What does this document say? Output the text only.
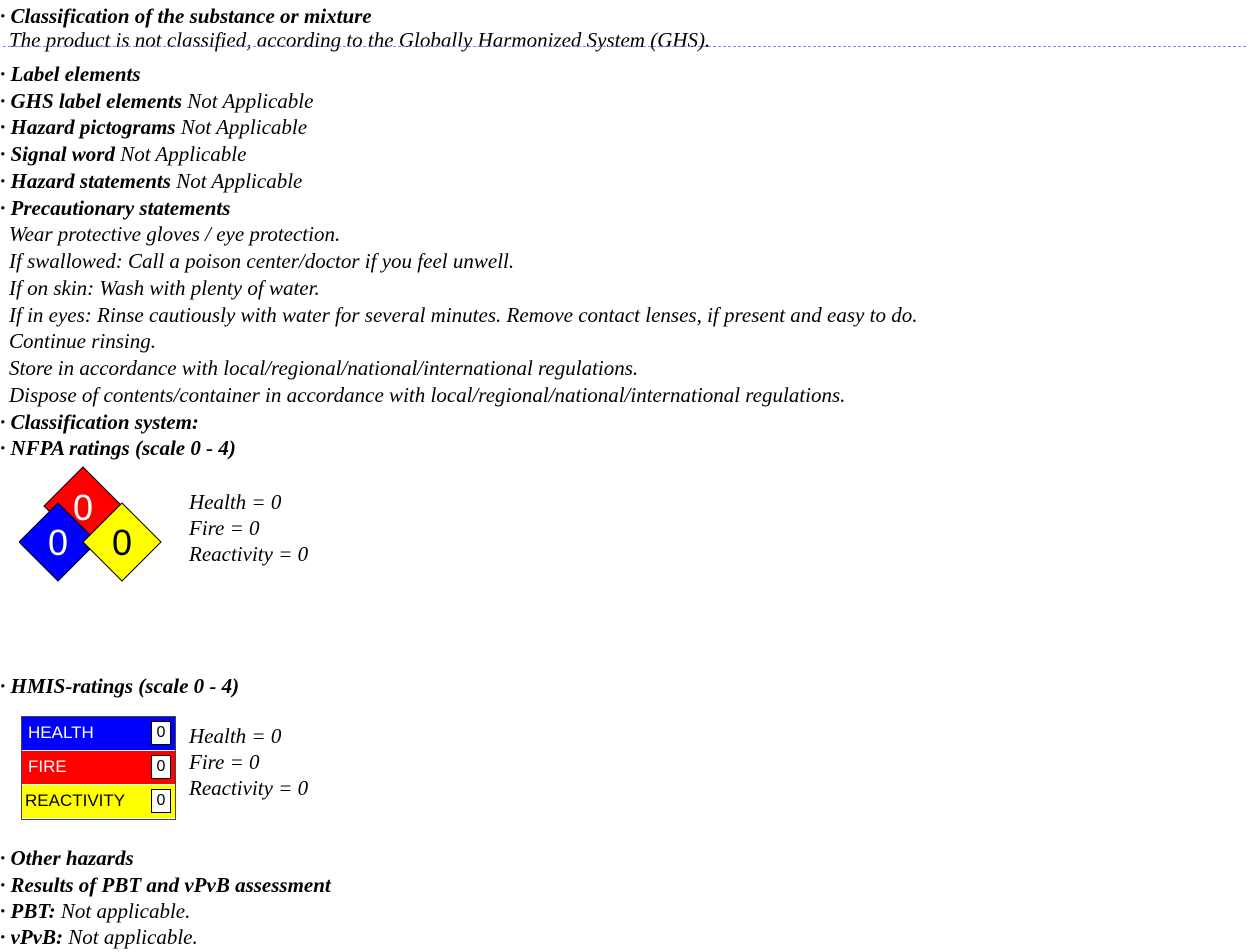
· Classification of the substance or mixture
The product is not classified, according to the Globally Harmonized System (GHS).
· Label elements
· GHS label elements Not Applicable
· Hazard pictograms Not Applicable
· Signal word Not Applicable
· Hazard statements Not Applicable
· Precautionary statements
Wear protective gloves / eye protection.
If swallowed: Call a poison center/doctor if you feel unwell.
If on skin: Wash with plenty of water.
If in eyes: Rinse cautiously with water for several minutes. Remove contact lenses, if present and easy to do.
Continue rinsing.
Store in accordance with local/regional/national/international regulations.
Dispose of contents/container in accordance with local/regional/national/international regulations.
· Classification system:
· NFPA ratings (scale 0 - 4)
0
0 0
Health = 0
Fire = 0
Reactivity = 0
· HMIS-ratings (scale 0 - 4)
HEALTH	0
FIRE	0
REACTIVITY	0
Health = 0
Fire = 0
Reactivity = 0
· Other hazards
· Results of PBT and vPvB assessment
· PBT: Not applicable.
· vPvB: Not applicable.
